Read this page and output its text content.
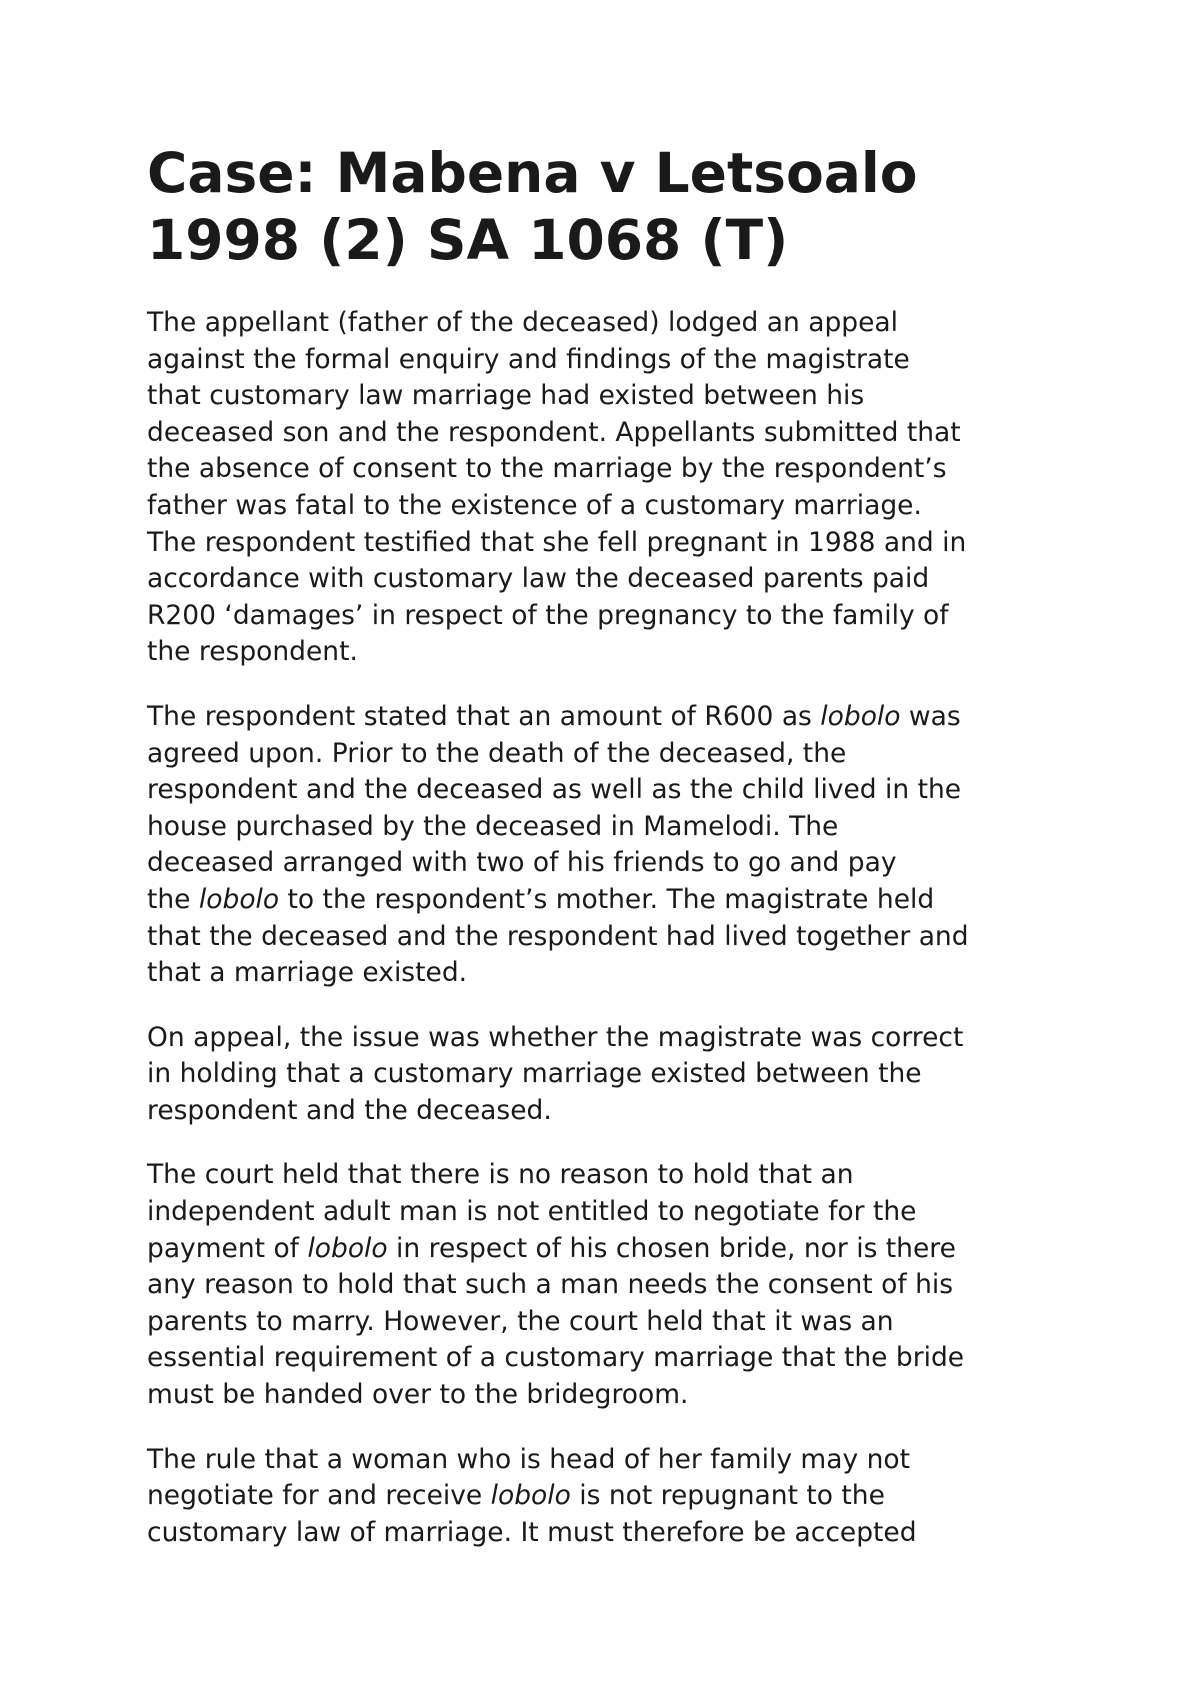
Case: Mabena v Letsoalo
1998 (2) SA 1068 (T)

The appellant (father of the deceased) lodged an appeal
against the formal enquiry and findings of the magistrate
that customary law marriage had existed between his
deceased son and the respondent. Appellants submitted that
the absence of consent to the marriage by the respondent’s
father was fatal to the existence of a customary marriage.
The respondent testified that she fell pregnant in 1988 and in
accordance with customary law the deceased parents paid
R200 ‘damages’ in respect of the pregnancy to the family of
the respondent.

The respondent stated that an amount of R600 as lobolo was
agreed upon. Prior to the death of the deceased, the
respondent and the deceased as well as the child lived in the
house purchased by the deceased in Mamelodi. The
deceased arranged with two of his friends to go and pay
the lobolo to the respondent’s mother. The magistrate held
that the deceased and the respondent had lived together and
that a marriage existed.

On appeal, the issue was whether the magistrate was correct
in holding that a customary marriage existed between the
respondent and the deceased.

The court held that there is no reason to hold that an
independent adult man is not entitled to negotiate for the
payment of lobolo in respect of his chosen bride, nor is there
any reason to hold that such a man needs the consent of his
parents to marry. However, the court held that it was an
essential requirement of a customary marriage that the bride
must be handed over to the bridegroom.

The rule that a woman who is head of her family may not
negotiate for and receive lobolo is not repugnant to the
customary law of marriage. It must therefore be accepted
